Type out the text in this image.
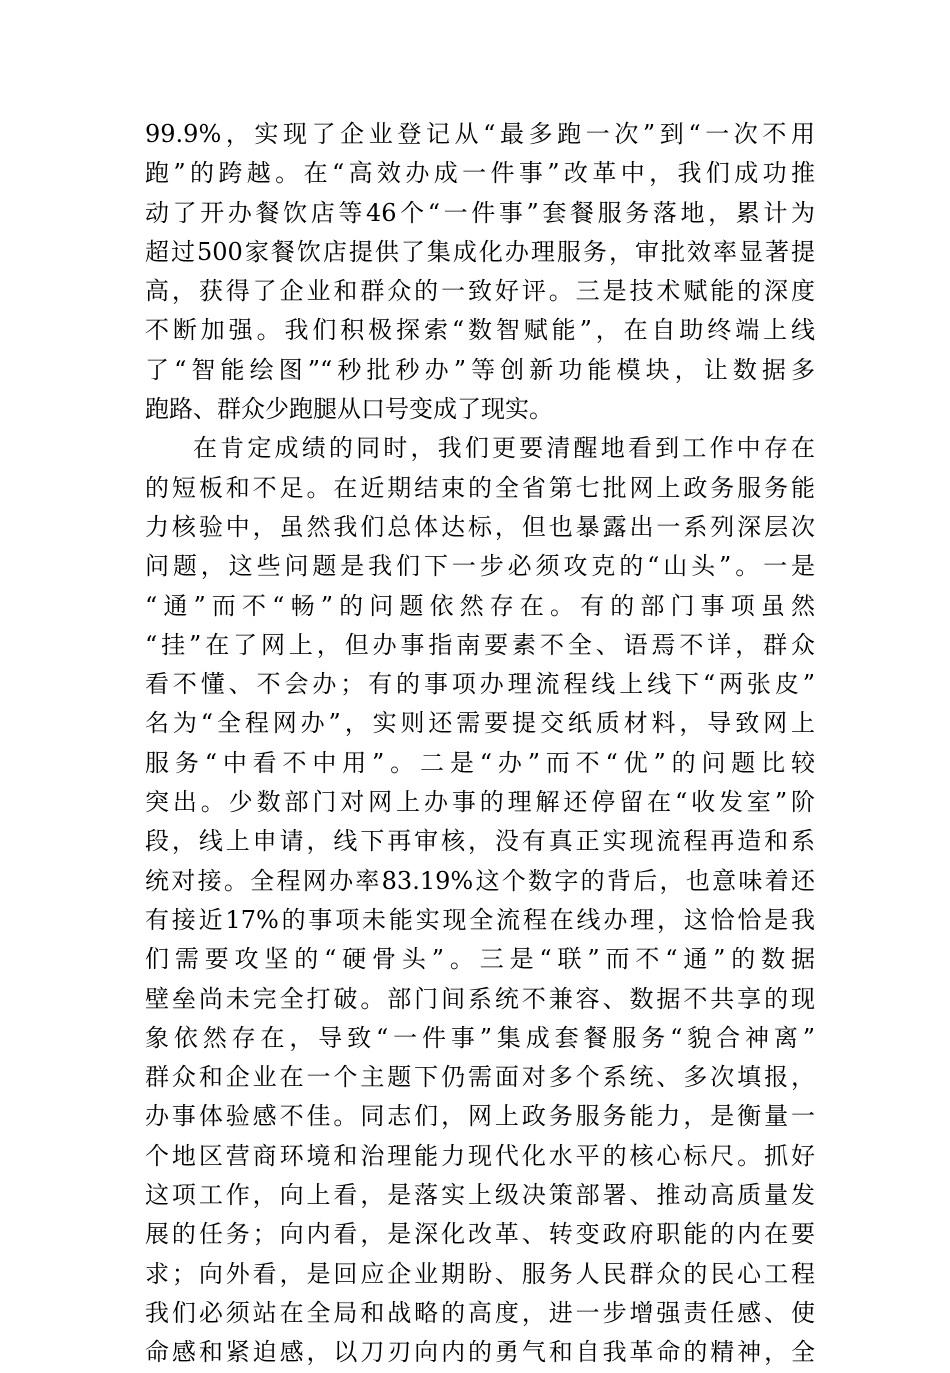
99.9%，实现了企业登记从“最多跑一次”到“一次不用
跑”的跨越。在“高效办成一件事”改革中，我们成功推
动了开办餐饮店等46个“一件事”套餐服务落地，累计为
超过500家餐饮店提供了集成化办理服务，审批效率显著提
高，获得了企业和群众的一致好评。三是技术赋能的深度
不断加强。我们积极探索“数智赋能”，在自助终端上线
了“智能绘图”“秒批秒办”等创新功能模块，让数据多
跑路、群众少跑腿从口号变成了现实。
在肯定成绩的同时，我们更要清醒地看到工作中存在
的短板和不足。在近期结束的全省第七批网上政务服务能
力核验中，虽然我们总体达标，但也暴露出一系列深层次
问题，这些问题是我们下一步必须攻克的“山头”。一是
“通”而不“畅”的问题依然存在。有的部门事项虽然
“挂”在了网上，但办事指南要素不全、语焉不详，群众
看不懂、不会办；有的事项办理流程线上线下“两张皮”
名为“全程网办”，实则还需要提交纸质材料，导致网上
服务“中看不中用”。二是“办”而不“优”的问题比较
突出。少数部门对网上办事的理解还停留在“收发室”阶
段，线上申请，线下再审核，没有真正实现流程再造和系
统对接。全程网办率83.19%这个数字的背后，也意味着还
有接近17%的事项未能实现全流程在线办理，这恰恰是我
们需要攻坚的“硬骨头”。三是“联”而不“通”的数据
壁垒尚未完全打破。部门间系统不兼容、数据不共享的现
象依然存在，导致“一件事”集成套餐服务“貌合神离”
群众和企业在一个主题下仍需面对多个系统、多次填报，
办事体验感不佳。同志们，网上政务服务能力，是衡量一
个地区营商环境和治理能力现代化水平的核心标尺。抓好
这项工作，向上看，是落实上级决策部署、推动高质量发
展的任务；向内看，是深化改革、转变政府职能的内在要
求；向外看，是回应企业期盼、服务人民群众的民心工程
我们必须站在全局和战略的高度，进一步增强责任感、使
命感和紧迫感，以刀刃向内的勇气和自我革命的精神，全
